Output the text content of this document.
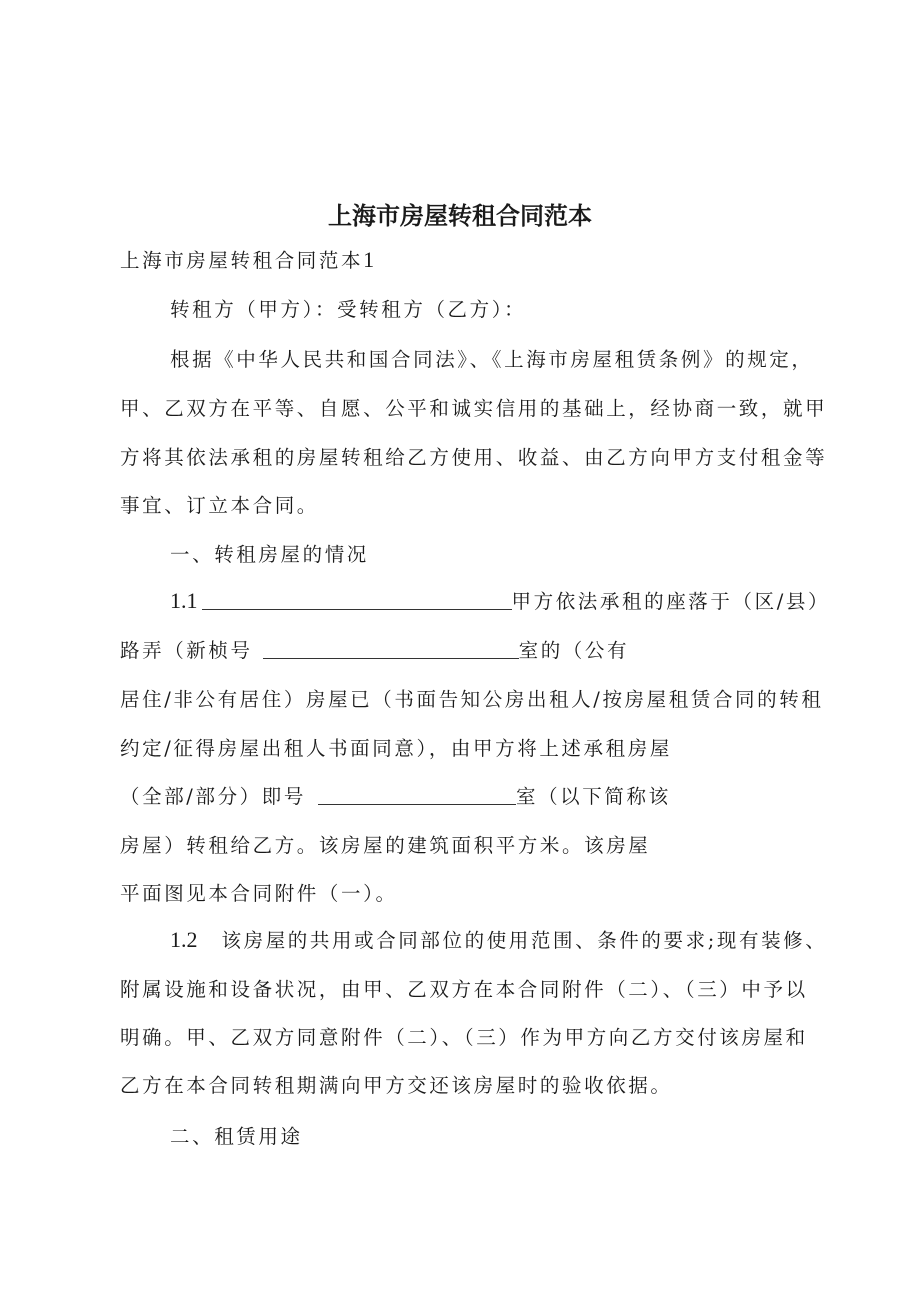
上海市房屋转租合同范本
上海市房屋转租合同范本1
转租方（甲方）：受转租方（乙方）：
根据《中华人民共和国合同法》、《上海市房屋租赁条例》的规定，
甲、乙双方在平等、自愿、公平和诚实信用的基础上，经协商一致，就甲
方将其依法承租的房屋转租给乙方使用、收益、由乙方向甲方支付租金等
事宜、订立本合同。
一、转租房屋的情况
1.1	甲方依法承租的座落于（区/县）
路弄（新桢号	室的（公有
居住/非公有居住）房屋已（书面告知公房出租人/按房屋租赁合同的转租
约定/征得房屋出租人书面同意），由甲方将上述承租房屋
（全部/部分）即号	室（以下简称该
房屋）转租给乙方。该房屋的建筑面积平方米。该房屋
平面图见本合同附件（一）。
1.2 该房屋的共用或合同部位的使用范围、条件的要求;现有装修、
附属设施和设备状况，由甲、乙双方在本合同附件（二）、（三）中予以
明确。甲、乙双方同意附件（二）、（三）作为甲方向乙方交付该房屋和
乙方在本合同转租期满向甲方交还该房屋时的验收依据。
二、租赁用途
